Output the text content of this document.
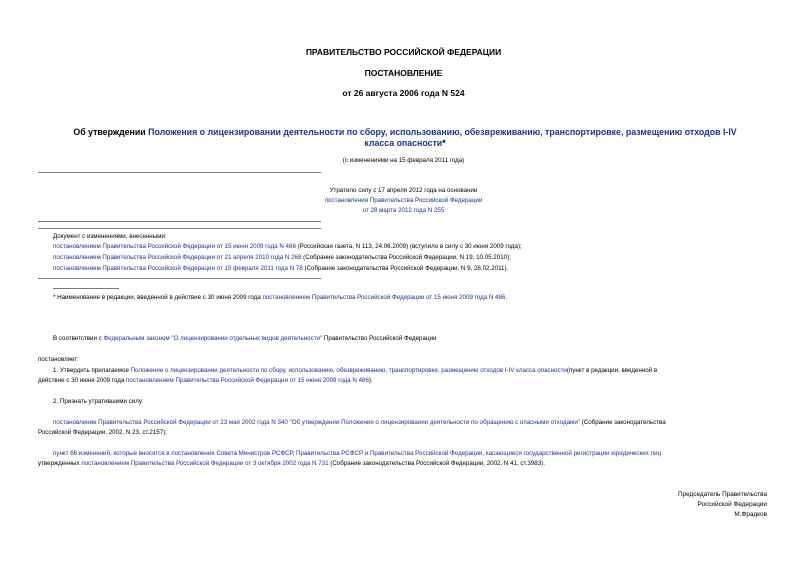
ПРАВИТЕЛЬСТВО РОССИЙСКОЙ ФЕДЕРАЦИИ
ПОСТАНОВЛЕНИЕ
от 26 августа 2006 года N 524
Об утверждении Положения о лицензировании деятельности по сбору, использованию, обезвреживанию, транспортировке, размещению отходов I-IV класса опасности*
(с изменениями на 15 февраля 2011 года)
Утратило силу с 17 апреля 2012 года на основании
постановления Правительства Российской Федерации
от 28 марта 2012 года N 255
Документ с изменениями, внесенными:
постановлением Правительства Российской Федерации от 15 июня 2009 года N 486 (Российская газета, N 113, 24.06.2009) (вступило в силу с 30 июня 2009 года);
постановлением Правительства Российской Федерации от 21 апреля 2010 года N 268 (Собрание законодательства Российской Федерации, N 19, 10.05.2010);
постановлением Правительства Российской Федерации от 15 февраля 2011 года N 78 (Собрание законодательства Российской Федерации, N 9, 28.02.2011).
* Наименование в редакции, введенной в действие с 30 июня 2009 года постановлением Правительства Российской Федерации от 15 июня 2009 года N 486.
В соответствии с Федеральным законом "О лицензировании отдельных видов деятельности" Правительство Российской Федерации
постановляет:
1. Утвердить прилагаемое Положение о лицензировании деятельности по сбору, использованию, обезвреживанию, транспортировке, размещению отходов I-IV класса опасности(пункт в редакции, введенной в
действие с 30 июня 2009 года постановлением Правительства Российской Федерации от 15 июня 2009 года N 486).
2. Признать утратившими силу:
постановление Правительства Российской Федерации от 23 мая 2002 года N 340 "Об утверждении Положения о лицензировании деятельности по обращению с опасными отходами" (Собрание законодательства
Российской Федерации, 2002, N 23, ст.2157);
пункт 66 изменений, которые вносятся в постановления Совета Министров РСФСР, Правительства РСФСР и Правительства Российской Федерации, касающиеся государственной регистрации юридических лиц
утвержденных постановлением Правительства Российской Федерации от 3 октября 2002 года N 731 (Собрание законодательства Российской Федерации, 2002, N 41, ст.3983).
Председатель Правительства
Российской Федерации
М.Фрадков
